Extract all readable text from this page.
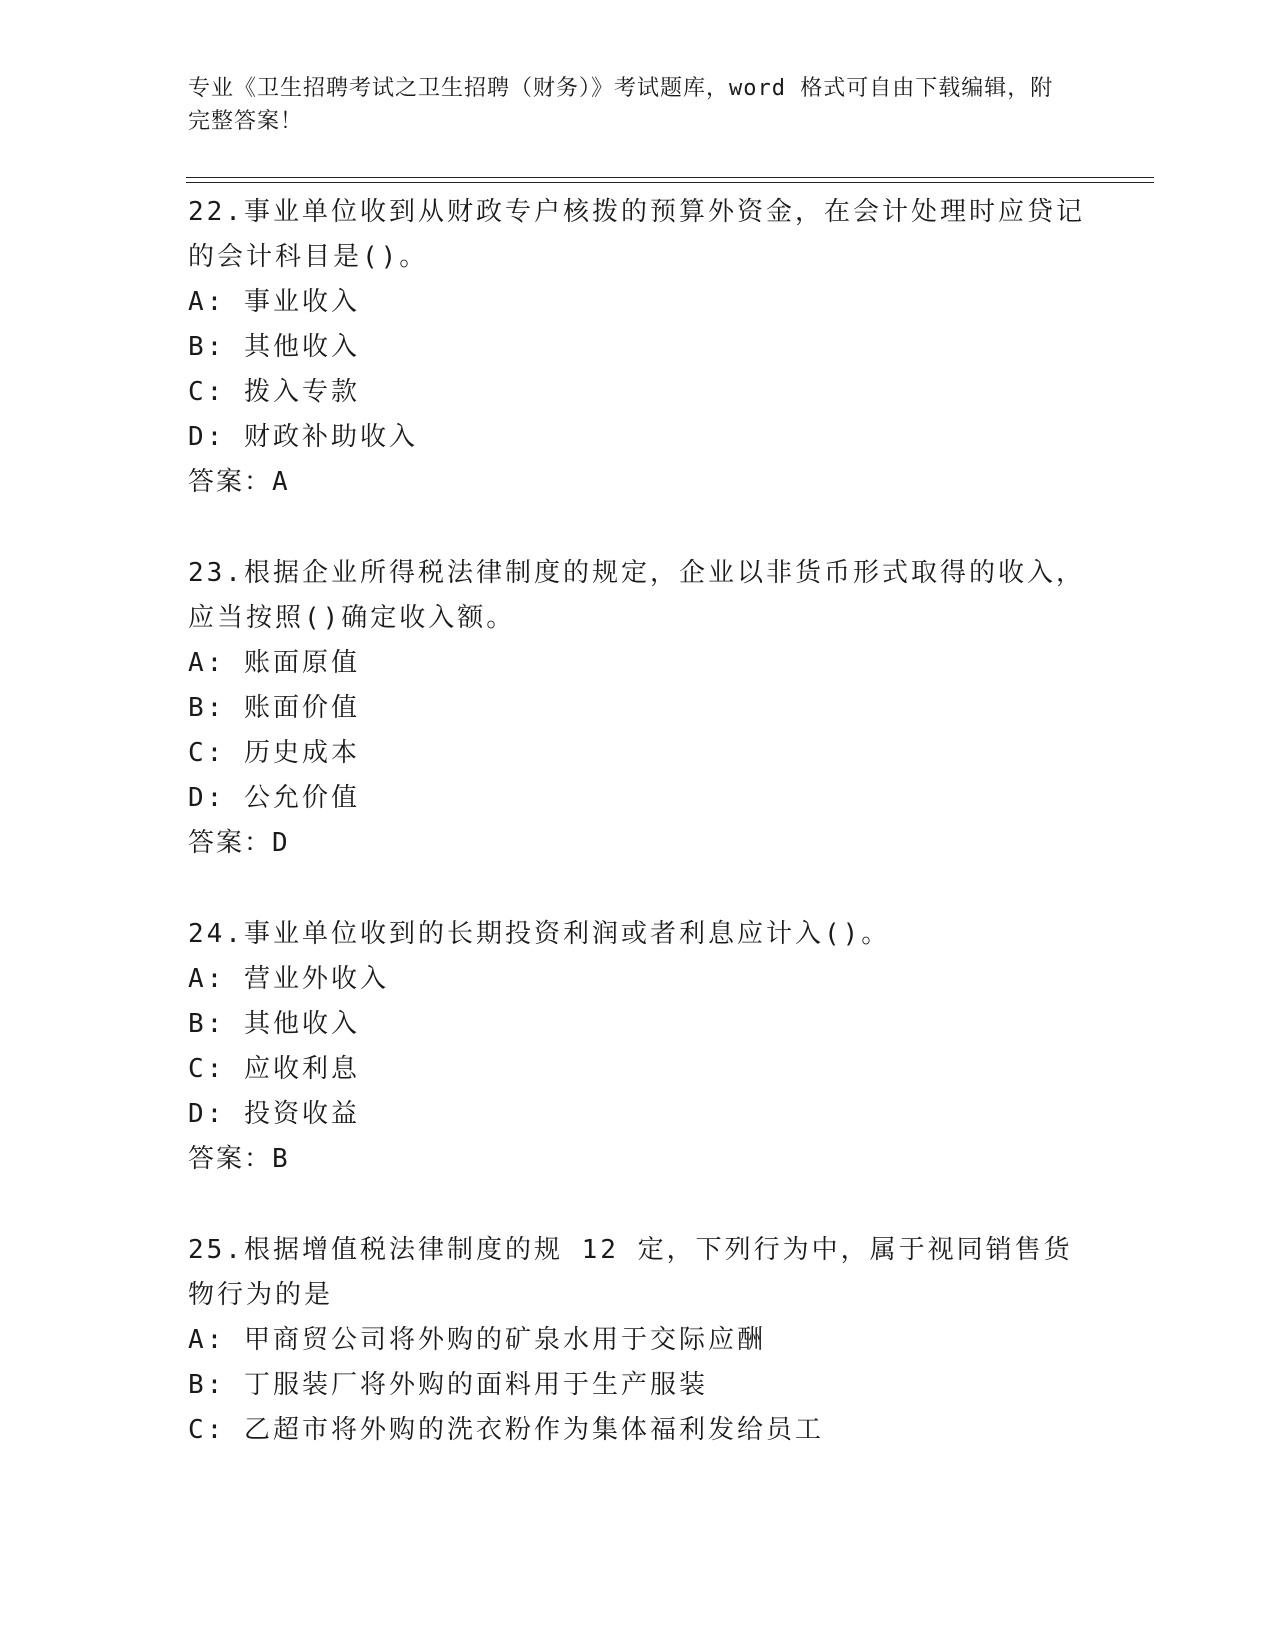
专业《卫生招聘考试之卫生招聘（财务）》考试题库，word 格式可自由下载编辑，附完整答案！

22.事业单位收到从财政专户核拨的预算外资金，在会计处理时应贷记的会计科目是()。

A: 事业收入

B: 其他收入

C: 拨入专款

D: 财政补助收入

答案：A

23.根据企业所得税法律制度的规定，企业以非货币形式取得的收入，应当按照()确定收入额。

A: 账面原值

B: 账面价值

C: 历史成本

D: 公允价值

答案：D

24.事业单位收到的长期投资利润或者利息应计入()。

A: 营业外收入

B: 其他收入

C: 应收利息

D: 投资收益

答案：B

25.根据增值税法律制度的规 12 定，下列行为中，属于视同销售货物行为的是

A: 甲商贸公司将外购的矿泉水用于交际应酬

B: 丁服装厂将外购的面料用于生产服装

C: 乙超市将外购的洗衣粉作为集体福利发给员工
